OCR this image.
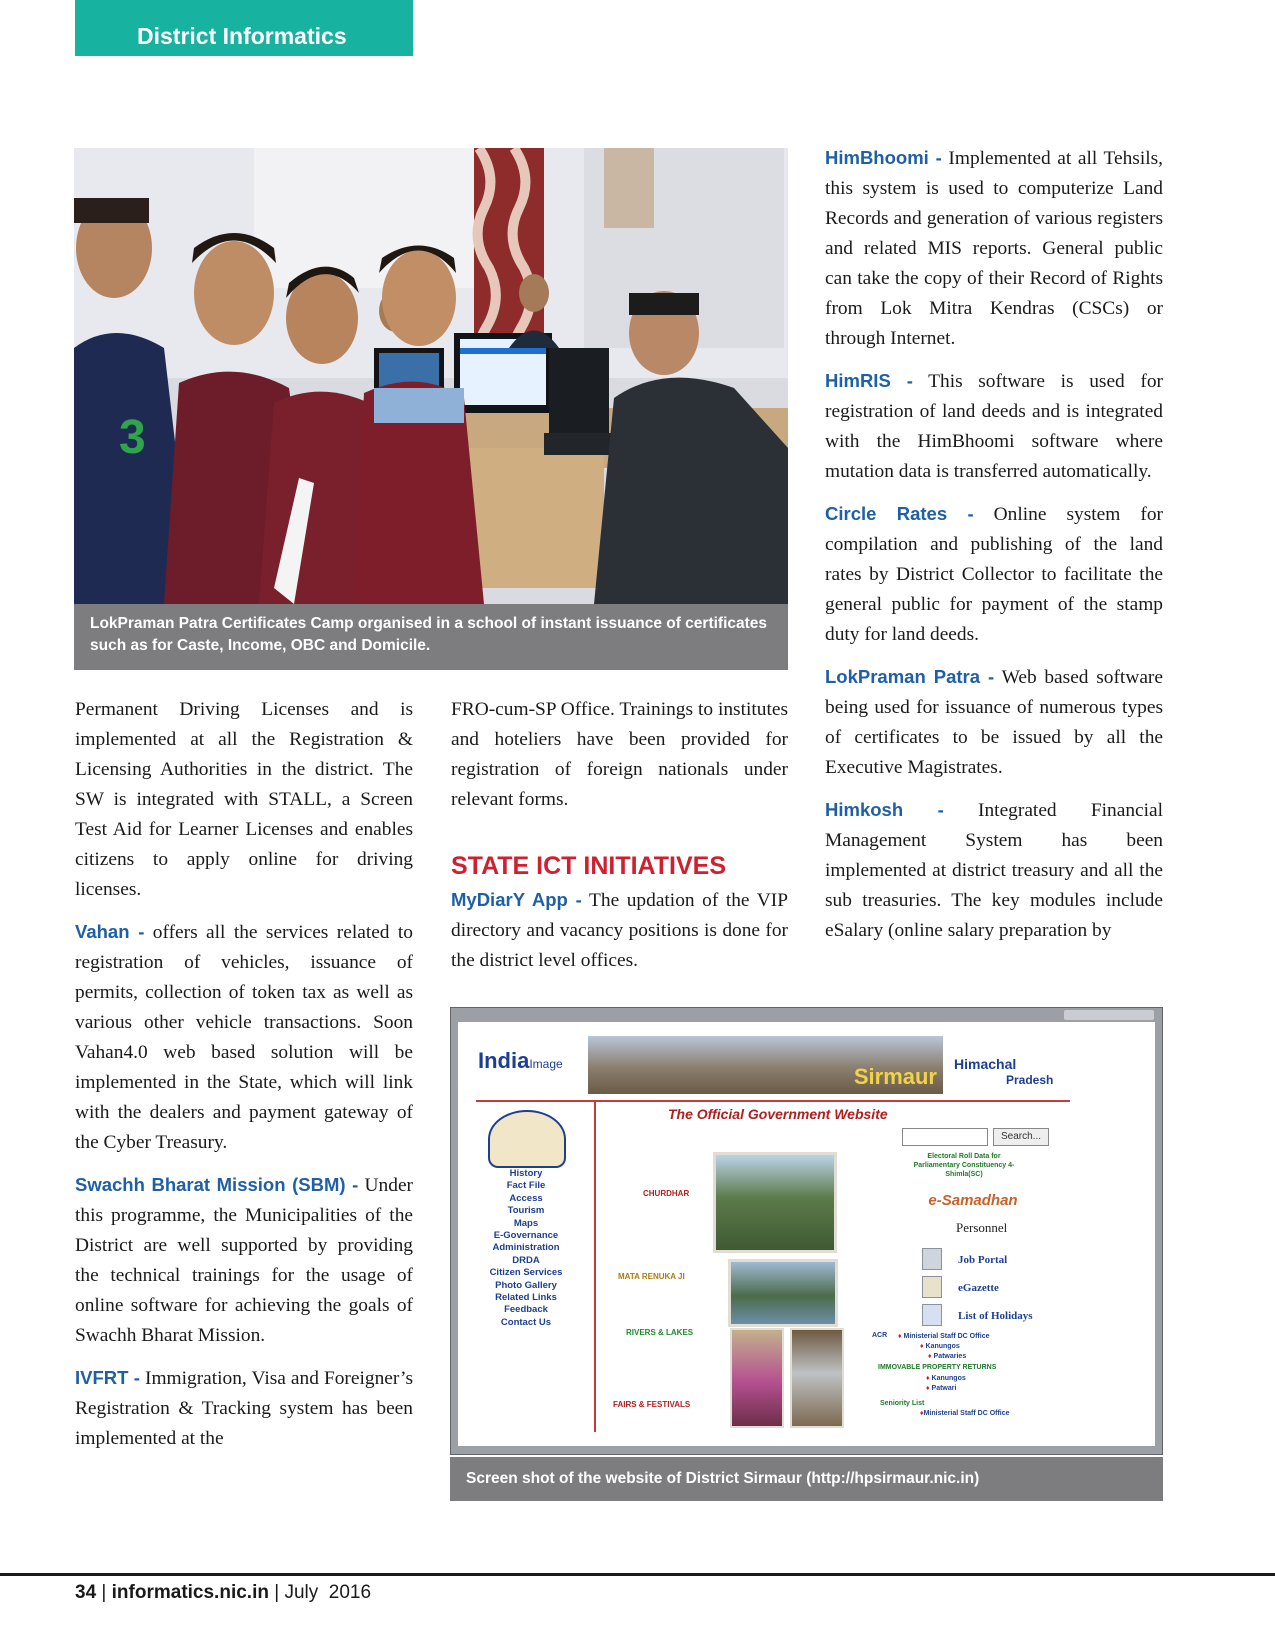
District Informatics
3
LokPraman Patra Certificates Camp organised in a school of instant issuance of certificates such as for Caste, Income, OBC and Domicile.

Permanent Driving Licenses and is implemented at all the Registration & Licensing Authorities in the district. The SW is integrated with STALL, a Screen Test Aid for Learner Licenses and enables citizens to apply online for driving licenses.

Vahan - offers all the services related to registration of vehicles, issuance of permits, collection of token tax as well as various other vehicle transactions. Soon Vahan4.0 web based solution will be implemented in the State, which will link with the dealers and payment gateway of the Cyber Treasury.

Swachh Bharat Mission (SBM) - Under this programme, the Municipalities of the District are well supported by providing the technical trainings for the usage of online software for achieving the goals of Swachh Bharat Mission.

IVFRT - Immigration, Visa and Foreigner’s Registration & Tracking system has been implemented at the

FRO-cum-SP Office. Trainings to institutes and hoteliers have been provided for registration of foreign nationals under relevant forms.

STATE ICT INITIATIVES

MyDiarY App - The updation of the VIP directory and vacancy positions is done for the district level offices.

HimBhoomi - Implemented at all Tehsils, this system is used to computerize Land Records and generation of various registers and related MIS reports. General public can take the copy of their Record of Rights from Lok Mitra Kendras (CSCs) or through Internet.

HimRIS - This software is used for registration of land deeds and is integrated with the HimBhoomi software where mutation data is transferred automatically.

Circle Rates - Online system for compilation and publishing of the land rates by District Collector to facilitate the general public for payment of the stamp duty for land deeds.

LokPraman Patra - Web based software being used for issuance of numerous types of certificates to be issued by all the Executive Magistrates.

Himkosh - Integrated Financial Management System has been implemented at district treasury and all the sub treasuries. The key modules include eSalary (online salary preparation by

IndiaImage	Sirmaur Himachal
Pradesh
The Official Government Website
History
Fact File
Access
Tourism
Maps
E-Governance
Administration
DRDA
Citizen Services
Photo Gallery
Related Links
Feedback
Contact Us
CHURDHAR
MATA RENUKA JI
RIVERS & LAKES
FAIRS & FESTIVALS
Search...
Electoral Roll Data for Parliamentary Constituency 4-Shimla(SC)
e-Samadhan
Personnel
Job Portal
eGazette
List of Holidays
ACR ♦ Ministerial Staff DC Office
♦ Kanungos
♦ Patwaries
IMMOVABLE PROPERTY RETURNS
♦ Kanungos
♦ Patwari
Seniority List
♦Ministerial Staff DC Office
Screen shot of the website of District Sirmaur (http://hpsirmaur.nic.in)
34 | informatics.nic.in | July  2016
